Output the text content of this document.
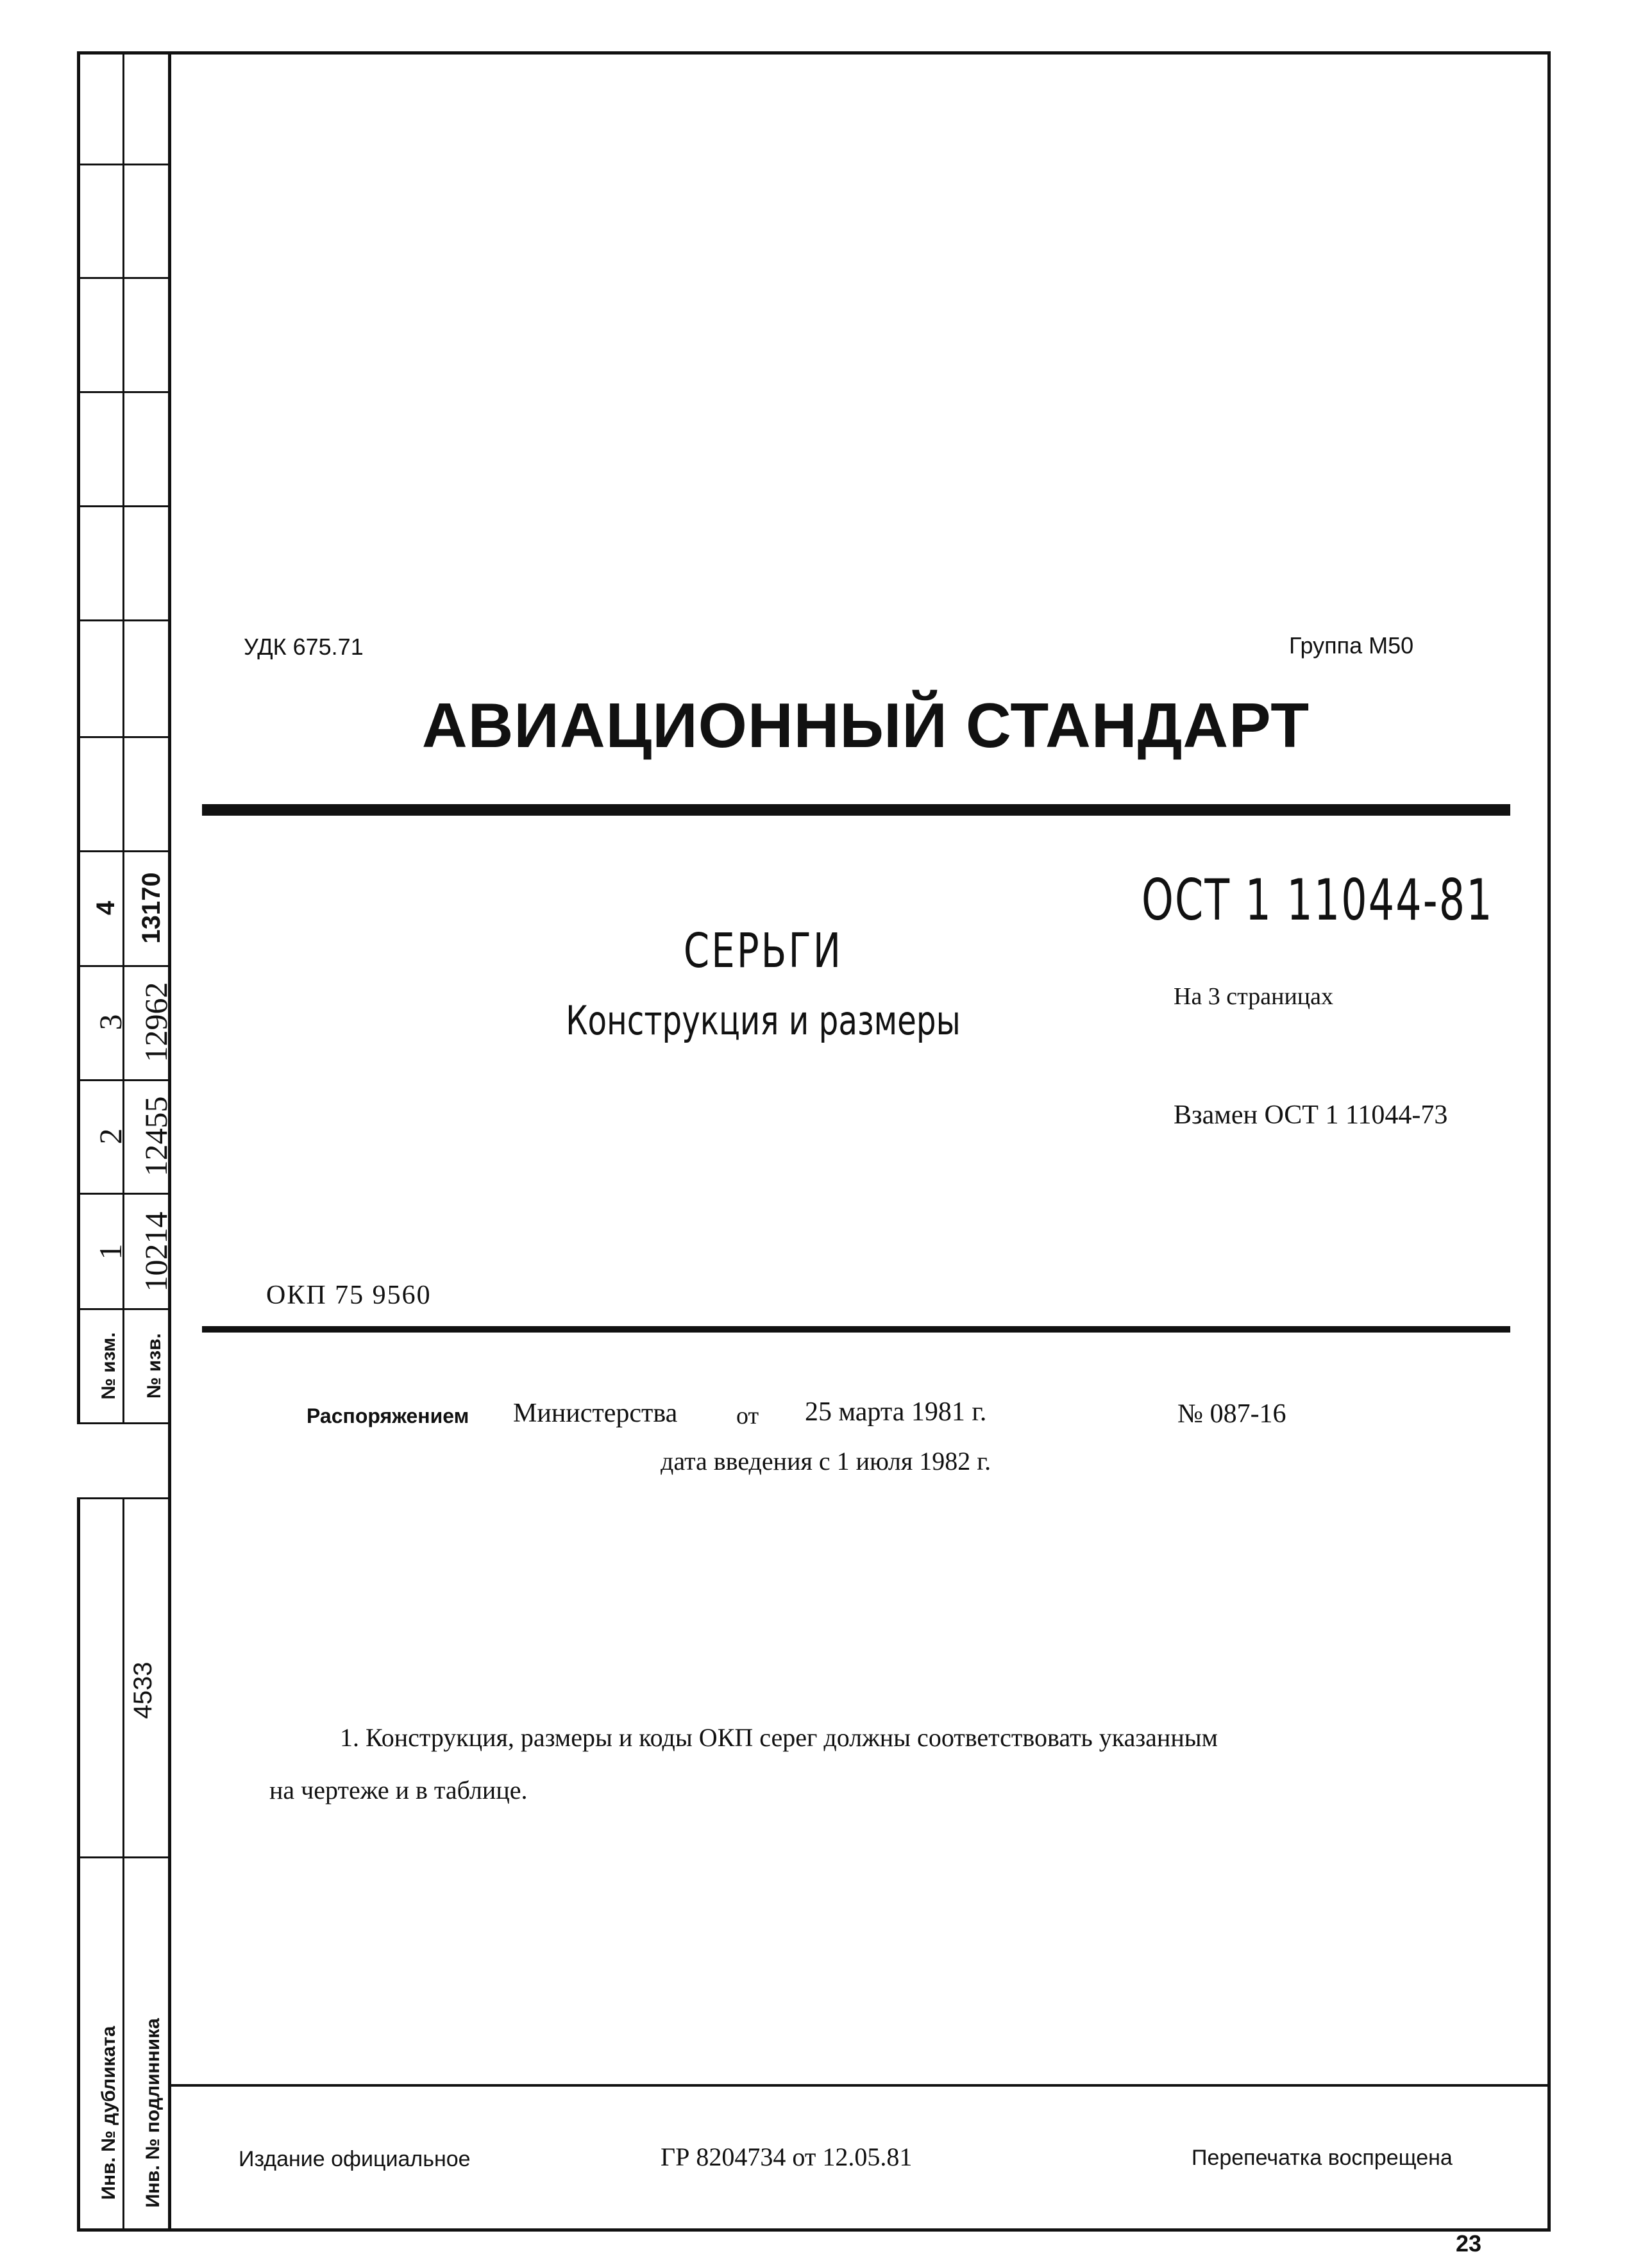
№ изм. № изв.
1 10214
2 12455
3 12962
4 13170
4533
Инв. № дубликата Инв. № подлинника
УДК 675.71	Группа М50
АВИАЦИОННЫЙ СТАНДАРТ
СЕРЬГИ
Конструкция и размеры
ОСТ 1 11044-81
На 3 страницах
Взамен ОСТ 1 11044-73
ОКП 75 9560
Распоряжением Министерства от 25 марта 1981 г.	№ 087-16
дата введения с 1 июля 1982 г.
1. Конструкция, размеры и коды ОКП серег должны соответствовать указанным
на чертеже и в таблице.
Издание официальное	ГР 8204734 от 12.05.81	Перепечатка воспрещена
23
